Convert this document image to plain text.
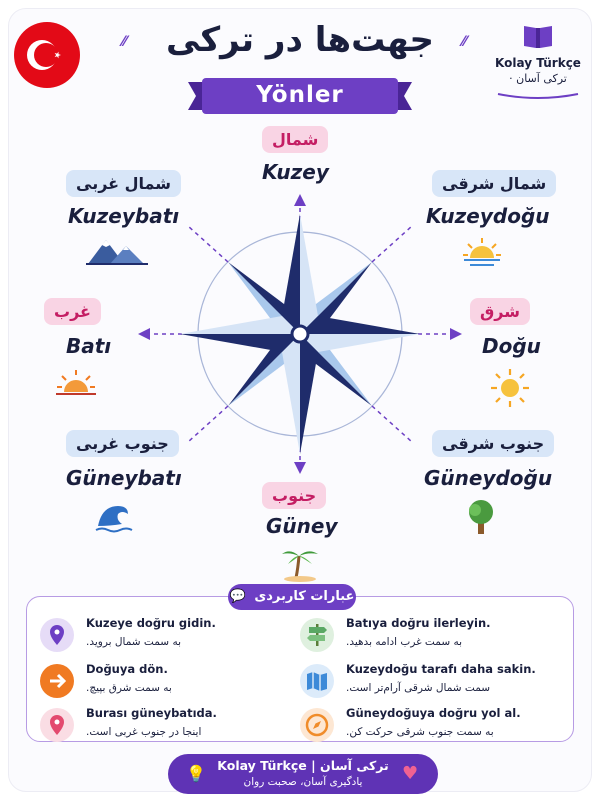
⁄⁄	⁄⁄
جهت‌ها در ترکی
Yönler
Kolay Türkçe
ترکی آسان ·
شمال
Kuzey
شمال غربی
Kuzeybatı
شمال شرقی
Kuzeydoğu
غرب
Batı
شرق
Doğu
جنوب غربی
Güneybatı
جنوب شرقی
Güneydoğu
جنوب
Güney
عبارات کاربردی 💬
Kuzeye doğru gidin.
به سمت شمال بروید.
Batıya doğru ilerleyin.
به سمت غرب ادامه بدهید.
Doğuya dön.
به سمت شرق بپیچ.
Kuzeydoğu tarafı daha sakin.
سمت شمال شرقی آرام‌تر است.
Burası güneybatıda.
اینجا در جنوب غربی است.
Güneydoğuya doğru yol al.
به سمت جنوب شرقی حرکت کن.
💡 Kolay Türkçe | ترکی آسان
یادگیری آسان، صحبت روان	♥
